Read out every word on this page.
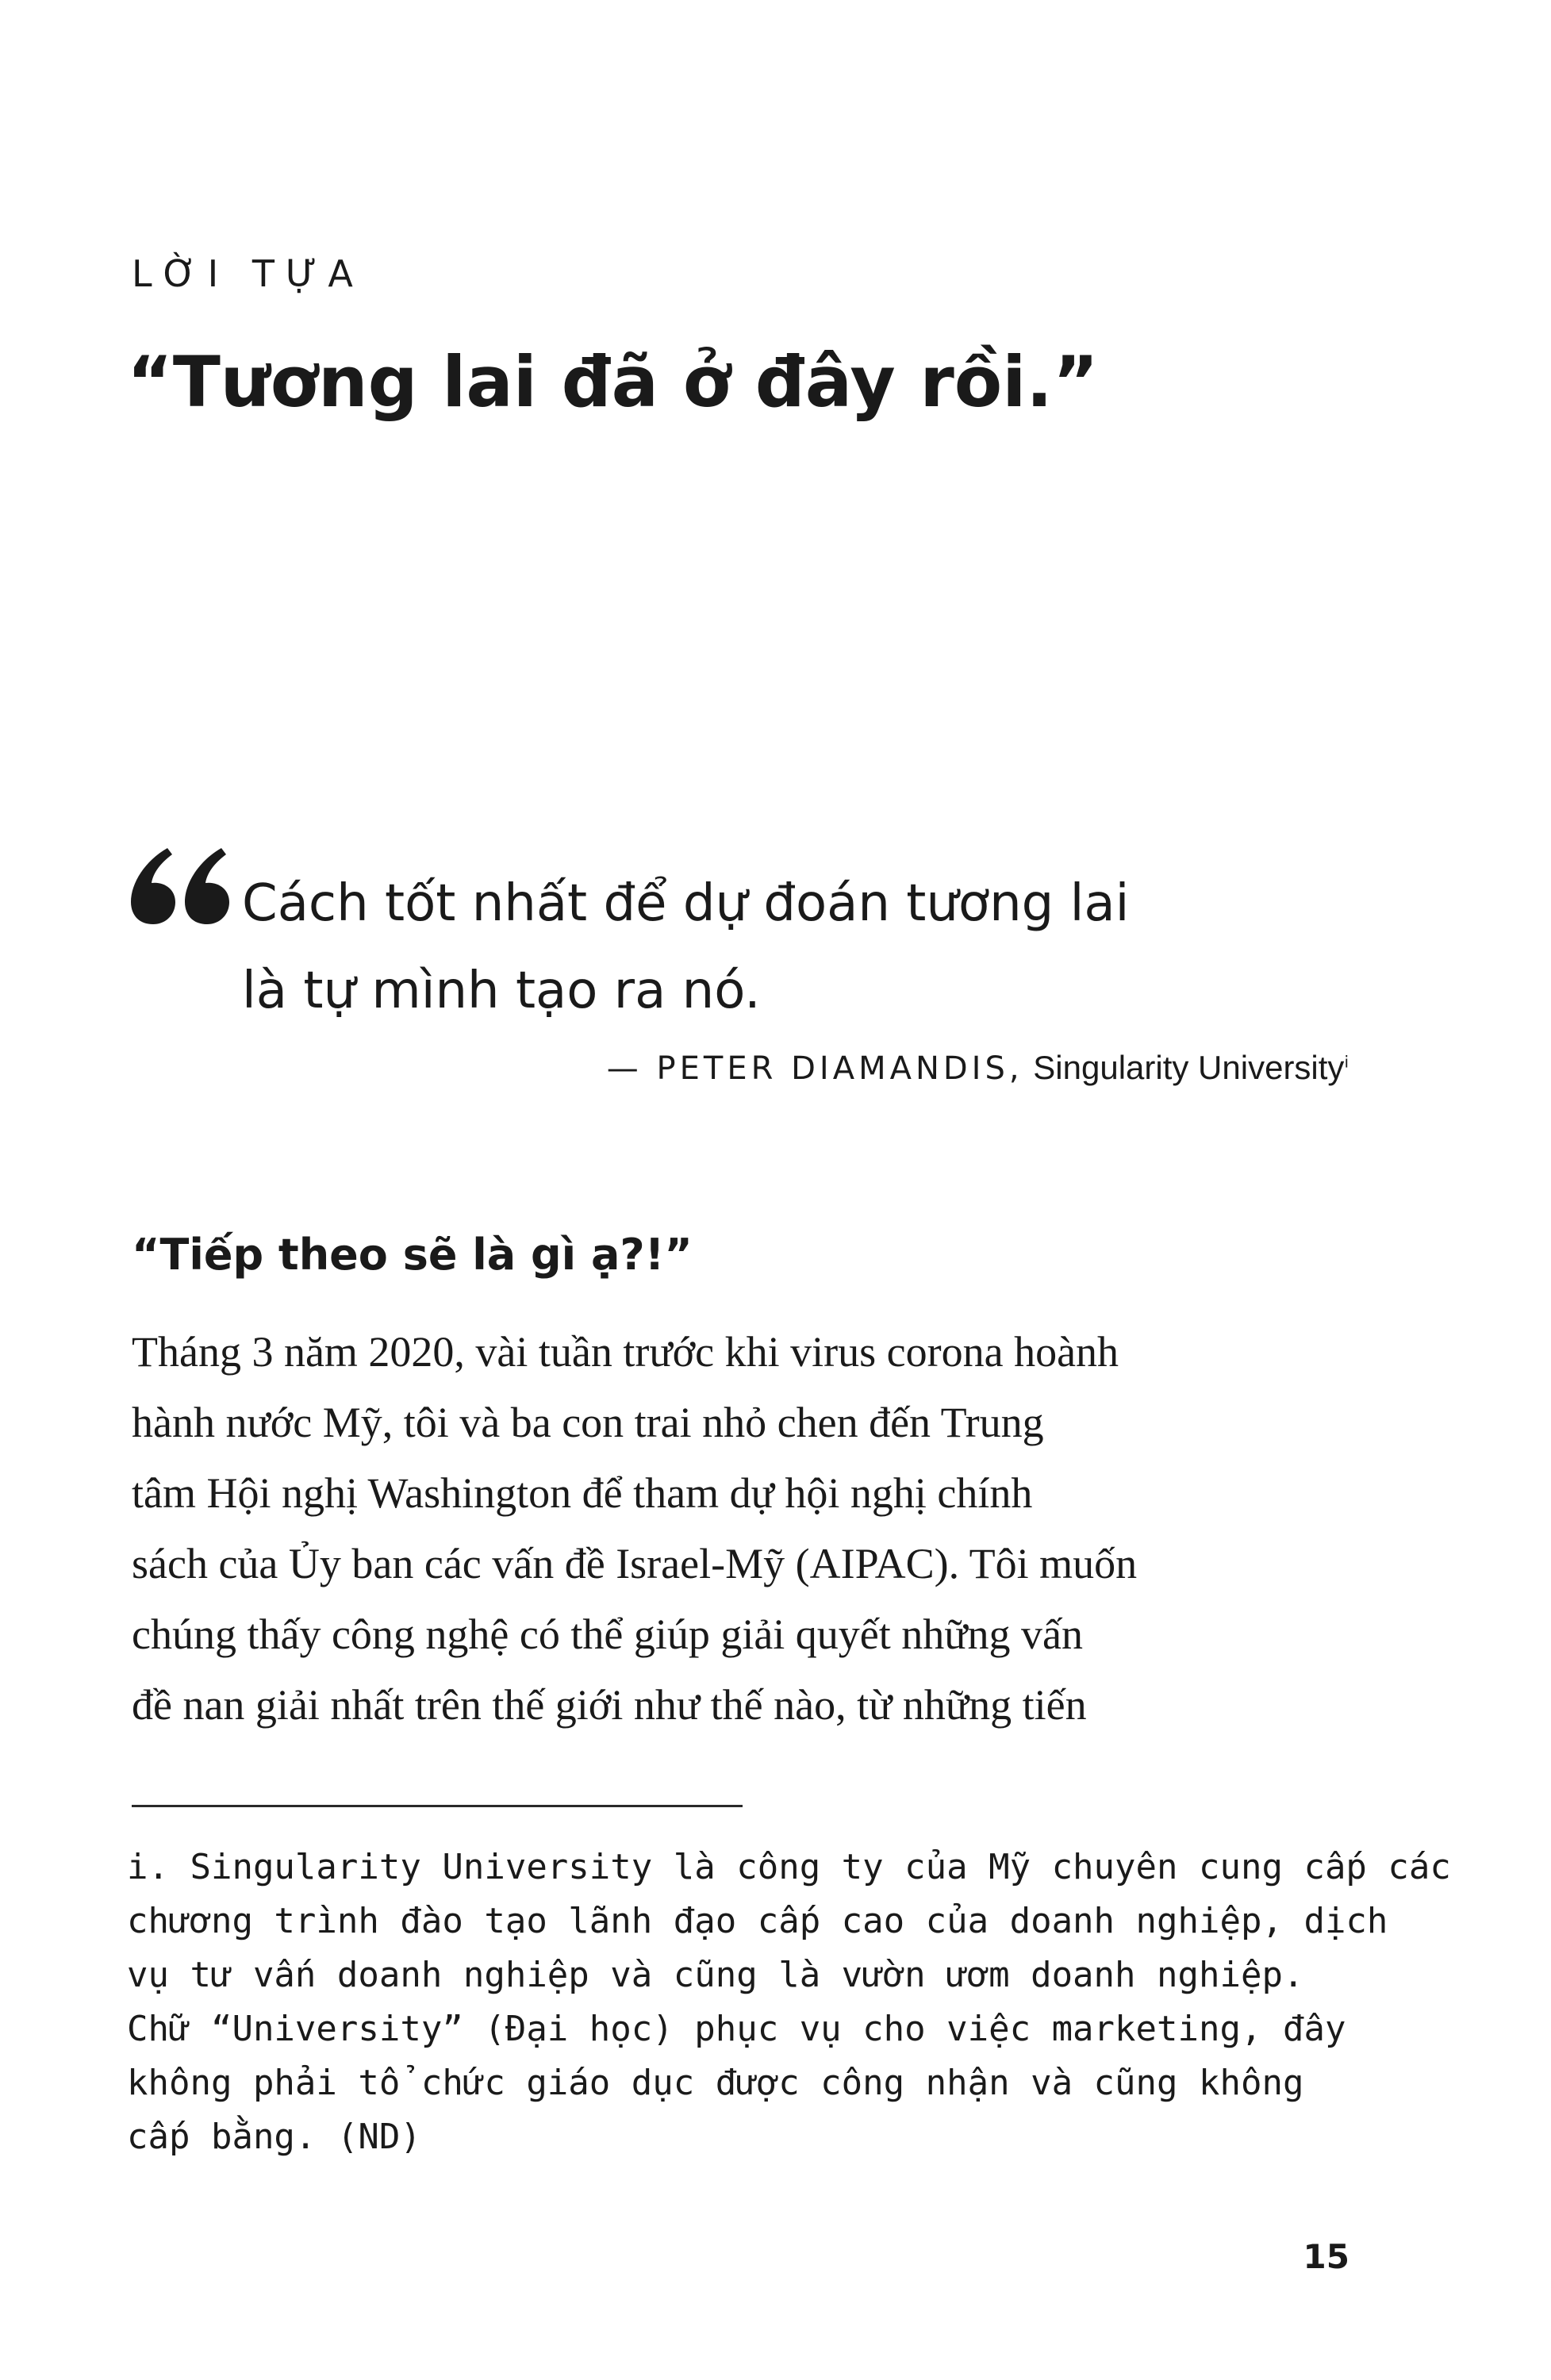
LỜI TỰA

“Tương lai đã ở đây rồi.”

Cách tốt nhất để dự đoán tương lai
là tự mình tạo ra nó.

— PETER DIAMANDIS, Singularity University$^i$
“Tiếp theo sẽ là gì ạ?!”
Tháng 3 năm 2020, vài tuần trước khi virus corona hoành
hành nước Mỹ, tôi và ba con trai nhỏ chen đến Trung
tâm Hội nghị Washington để tham dự hội nghị chính
sách của Ủy ban các vấn đề Israel-Mỹ (AIPAC). Tôi muốn
chúng thấy công nghệ có thể giúp giải quyết những vấn
đề nan giải nhất trên thế giới như thế nào, từ những tiến
i. Singularity University là công ty của Mỹ chuyên cung cấp các
chương trình đào tạo lãnh đạo cấp cao của doanh nghiệp, dịch
vụ tư vấn doanh nghiệp và cũng là vườn ươm doanh nghiệp.
Chữ “University” (Đại học) phục vụ cho việc marketing, đây
không phải tổ chức giáo dục được công nhận và cũng không
cấp bằng. (ND)
15
